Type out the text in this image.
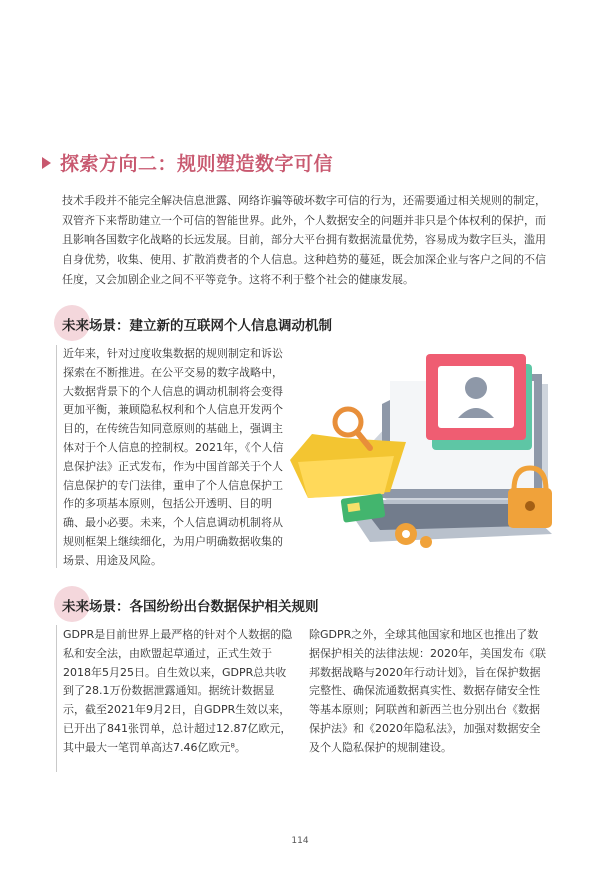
探索方向二：规则塑造数字可信

技术手段并不能完全解决信息泄露、网络诈骗等破坏数字可信的行为，还需要通过相关规则的制定，双管齐下来帮助建立一个可信的智能世界。此外，个人数据安全的问题并非只是个体权利的保护，而且影响各国数字化战略的长远发展。目前，部分大平台拥有数据流量优势，容易成为数字巨头，滥用自身优势，收集、使用、扩散消费者的个人信息。这种趋势的蔓延，既会加深企业与客户之间的不信任度，又会加剧企业之间不平等竞争。这将不利于整个社会的健康发展。

未来场景：建立新的互联网个人信息调动机制

近年来，针对过度收集数据的规则制定和诉讼探索在不断推进。在公平交易的数字战略中，大数据背景下的个人信息的调动机制将会变得更加平衡，兼顾隐私权利和个人信息开发两个目的，在传统告知同意原则的基础上，强调主体对于个人信息的控制权。2021年，《个人信息保护法》正式发布，作为中国首部关于个人信息保护的专门法律，重申了个人信息保护工作的多项基本原则，包括公开透明、目的明确、最小必要。未来，个人信息调动机制将从规则框架上继续细化，为用户明确数据收集的场景、用途及风险。

未来场景：各国纷纷出台数据保护相关规则

GDPR是目前世界上最严格的针对个人数据的隐私和安全法，由欧盟起草通过，正式生效于2018年5月25日。自生效以来，GDPR总共收到了28.1万份数据泄露通知。据统计数据显示，截至2021年9月2日，自GDPR生效以来，已开出了841张罚单，总计超过12.87亿欧元，其中最大一笔罚单高达7.46亿欧元⁸。

除GDPR之外，全球其他国家和地区也推出了数据保护相关的法律法规：2020年，美国发布《联邦数据战略与2020年行动计划》，旨在保护数据完整性、确保流通数据真实性、数据存储安全性等基本原则；阿联酋和新西兰也分别出台《数据保护法》和《2020年隐私法》，加强对数据安全及个人隐私保护的规制建设。

114
